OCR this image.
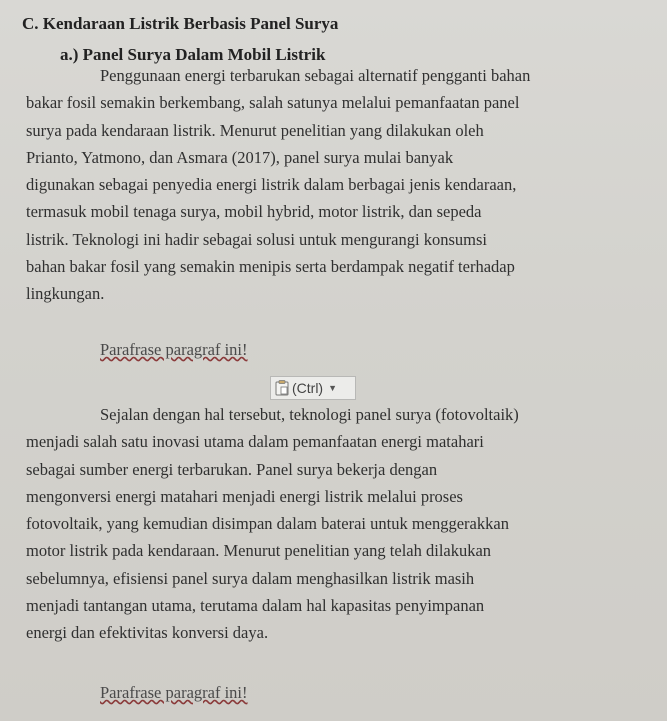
C. Kendaraan Listrik Berbasis Panel Surya
a.) Panel Surya Dalam Mobil Listrik
Penggunaan energi terbarukan sebagai alternatif pengganti bahan
bakar fosil semakin berkembang, salah satunya melalui pemanfaatan panel
surya pada kendaraan listrik. Menurut penelitian yang dilakukan oleh
Prianto, Yatmono, dan Asmara (2017), panel surya mulai banyak
digunakan sebagai penyedia energi listrik dalam berbagai jenis kendaraan,
termasuk mobil tenaga surya, mobil hybrid, motor listrik, dan sepeda
listrik. Teknologi ini hadir sebagai solusi untuk mengurangi konsumsi
bahan bakar fosil yang semakin menipis serta berdampak negatif terhadap
lingkungan.
Parafrase paragraf ini!
(Ctrl) ▼
Sejalan dengan hal tersebut, teknologi panel surya (fotovoltaik)
menjadi salah satu inovasi utama dalam pemanfaatan energi matahari
sebagai sumber energi terbarukan. Panel surya bekerja dengan
mengonversi energi matahari menjadi energi listrik melalui proses
fotovoltaik, yang kemudian disimpan dalam baterai untuk menggerakkan
motor listrik pada kendaraan. Menurut penelitian yang telah dilakukan
sebelumnya, efisiensi panel surya dalam menghasilkan listrik masih
menjadi tantangan utama, terutama dalam hal kapasitas penyimpanan
energi dan efektivitas konversi daya.
Parafrase paragraf ini!
